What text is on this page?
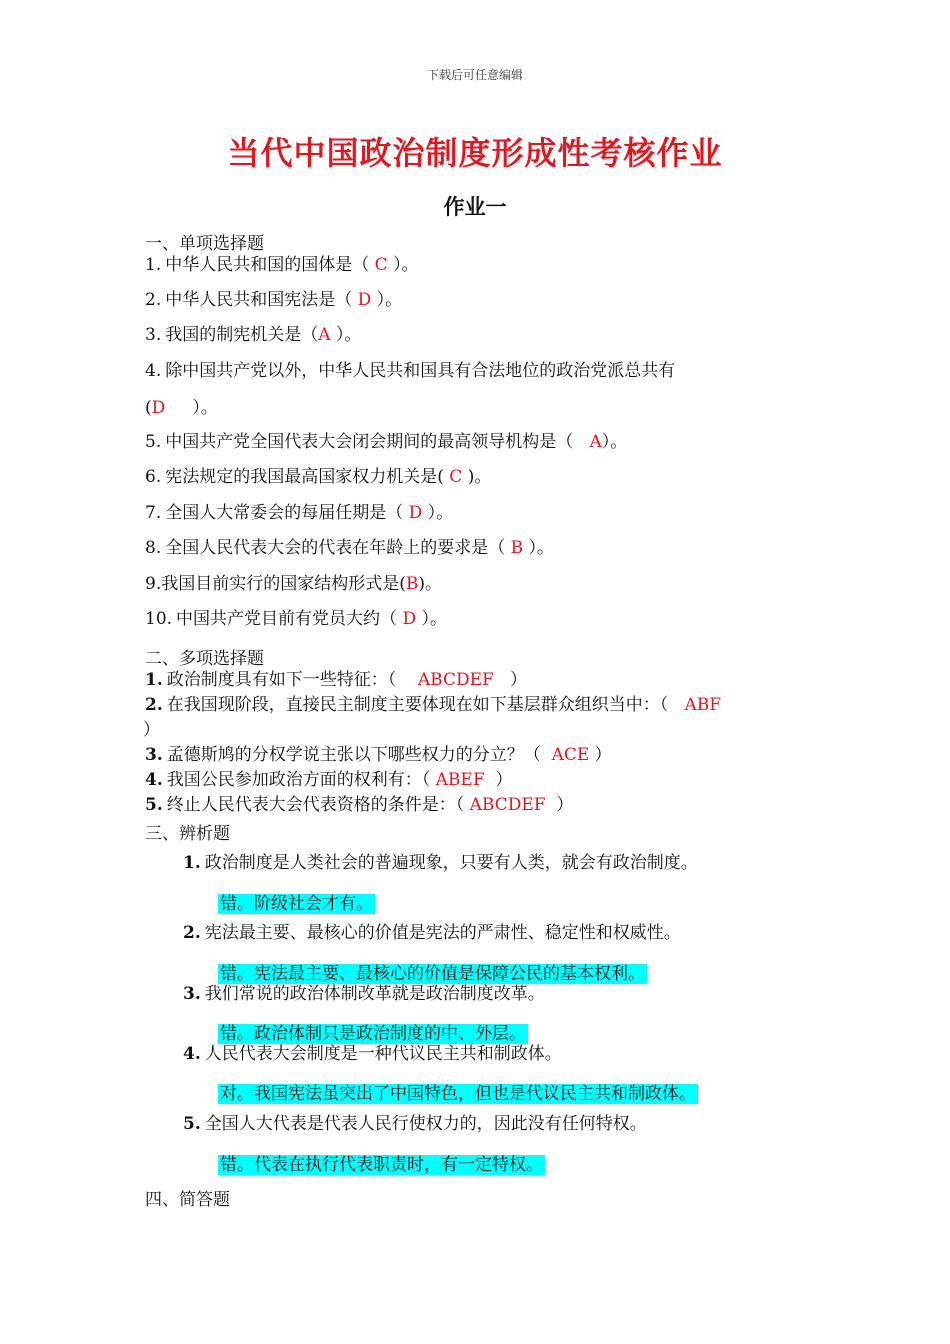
下载后可任意编辑
当代中国政治制度形成性考核作业
作业一
一、单项选择题
1. 中华人民共和国的国体是（ C ）。
2. 中华人民共和国宪法是（ D ）。
3. 我国的制宪机关是（A ）。
4. 除中国共产党以外，中华人民共和国具有合法地位的政治党派总共有
(D     ）。
5. 中国共产党全国代表大会闭会期间的最高领导机构是（   A）。
6. 宪法规定的我国最高国家权力机关是( C )。
7. 全国人大常委会的每届任期是（ D ）。
8. 全国人民代表大会的代表在年龄上的要求是（ B ）。
9.我国目前实行的国家结构形式是(B)。
10. 中国共产党目前有党员大约（ D ）。
二、多项选择题
1. 政治制度具有如下一些特征：（    ABCDEF   ）
2. 在我国现阶段，直接民主制度主要体现在如下基层群众组织当中：（   ABF
）
3. 孟德斯鸠的分权学说主张以下哪些权力的分立？（  ACE ）
4. 我国公民参加政治方面的权利有：（ ABEF  ）
5. 终止人民代表大会代表资格的条件是：（ ABCDEF  ）
三、辨析题
1. 政治制度是人类社会的普遍现象，只要有人类，就会有政治制度。
错。阶级社会才有。
2. 宪法最主要、最核心的价值是宪法的严肃性、稳定性和权威性。
错。宪法最主要、最核心的价值是保障公民的基本权利。
3. 我们常说的政治体制改革就是政治制度改革。
错。政治体制只是政治制度的中、外层。
4. 人民代表大会制度是一种代议民主共和制政体。
对。我国宪法虽突出了中国特色，但也是代议民主共和制政体。
5. 全国人大代表是代表人民行使权力的，因此没有任何特权。
错。代表在执行代表职责时，有一定特权。
四、简答题
